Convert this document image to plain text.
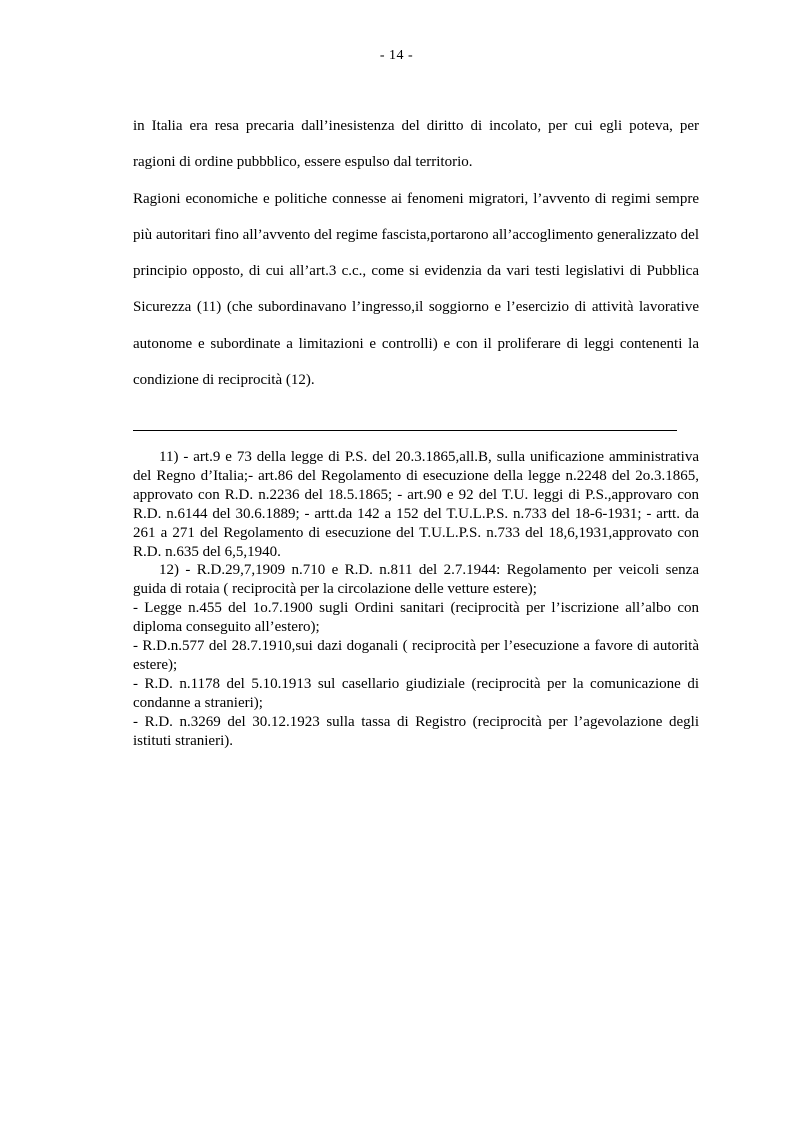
- 14 -

in Italia era resa precaria dall’inesistenza del diritto di incolato, per cui egli poteva, per ragioni di ordine pubbblico, essere espulso dal territorio.

Ragioni economiche e politiche connesse ai fenomeni migratori, l’avvento di regimi sempre più autoritari fino all’avvento del regime fascista,portarono all’accoglimento generalizzato del principio opposto, di cui all’art.3 c.c., come si evidenzia da vari testi legislativi di Pubblica Sicurezza (11) (che subordinavano l’ingresso,il soggiorno e l’esercizio di attività lavorative autonome e subordinate a limitazioni e controlli) e con il proliferare di leggi contenenti la condizione di reciprocità (12).

11) - art.9 e 73 della legge di P.S. del 20.3.1865,all.B, sulla unificazione amministrativa del Regno d’Italia;- art.86 del Regolamento di esecuzione della legge n.2248 del 2o.3.1865, approvato con R.D. n.2236 del 18.5.1865; - art.90 e 92 del T.U. leggi di P.S.,approvaro con R.D. n.6144 del 30.6.1889; - artt.da 142 a 152 del T.U.L.P.S. n.733 del 18-6-1931; - artt. da 261 a 271 del Regolamento di esecuzione del T.U.L.P.S. n.733 del 18,6,1931,approvato con R.D. n.635 del 6,5,1940.

12) - R.D.29,7,1909 n.710 e R.D. n.811 del 2.7.1944: Regolamento per veicoli senza guida di rotaia ( reciprocità per la circolazione delle vetture estere);

- Legge n.455 del 1o.7.1900 sugli Ordini sanitari (reciprocità per l’iscrizione all’albo con diploma conseguito all’estero);

- R.D.n.577 del 28.7.1910,sui dazi doganali ( reciprocità per l’esecuzione a favore di autorità estere);

- R.D. n.1178 del 5.10.1913 sul casellario giudiziale (reciprocità per la comunicazione di condanne a stranieri);

- R.D. n.3269 del 30.12.1923 sulla tassa di Registro (reciprocità per l’agevolazione degli istituti stranieri).
